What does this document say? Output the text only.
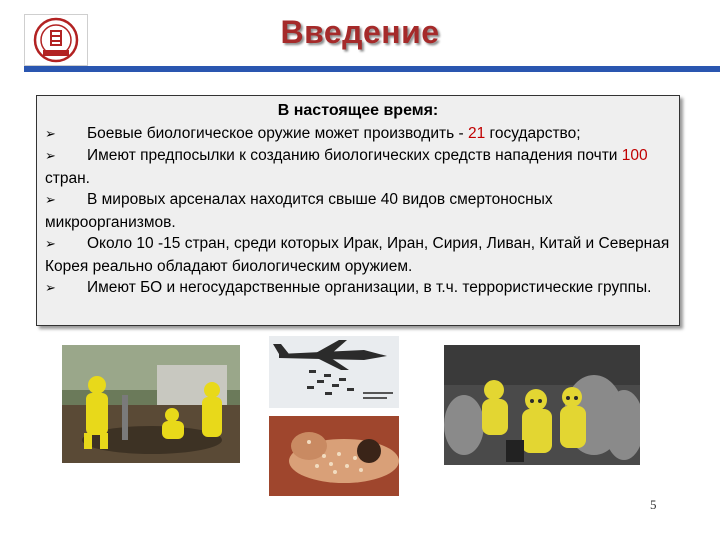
Введение
В настоящее время:

➢ Боевые биологическое оружие может производить - 21 государство;

➢ Имеют предпосылки к созданию биологических средств нападения почти 100 стран.

➢ В мировых арсеналах находится свыше 40 видов смертоносных микроорганизмов.

➢ Около 10 -15 стран, среди которых Ирак, Иран, Сирия, Ливан, Китай и Северная Корея реально обладают биологическим оружием.

➢ Имеют БО и негосударственные организации, в т.ч. террористические группы.

5
